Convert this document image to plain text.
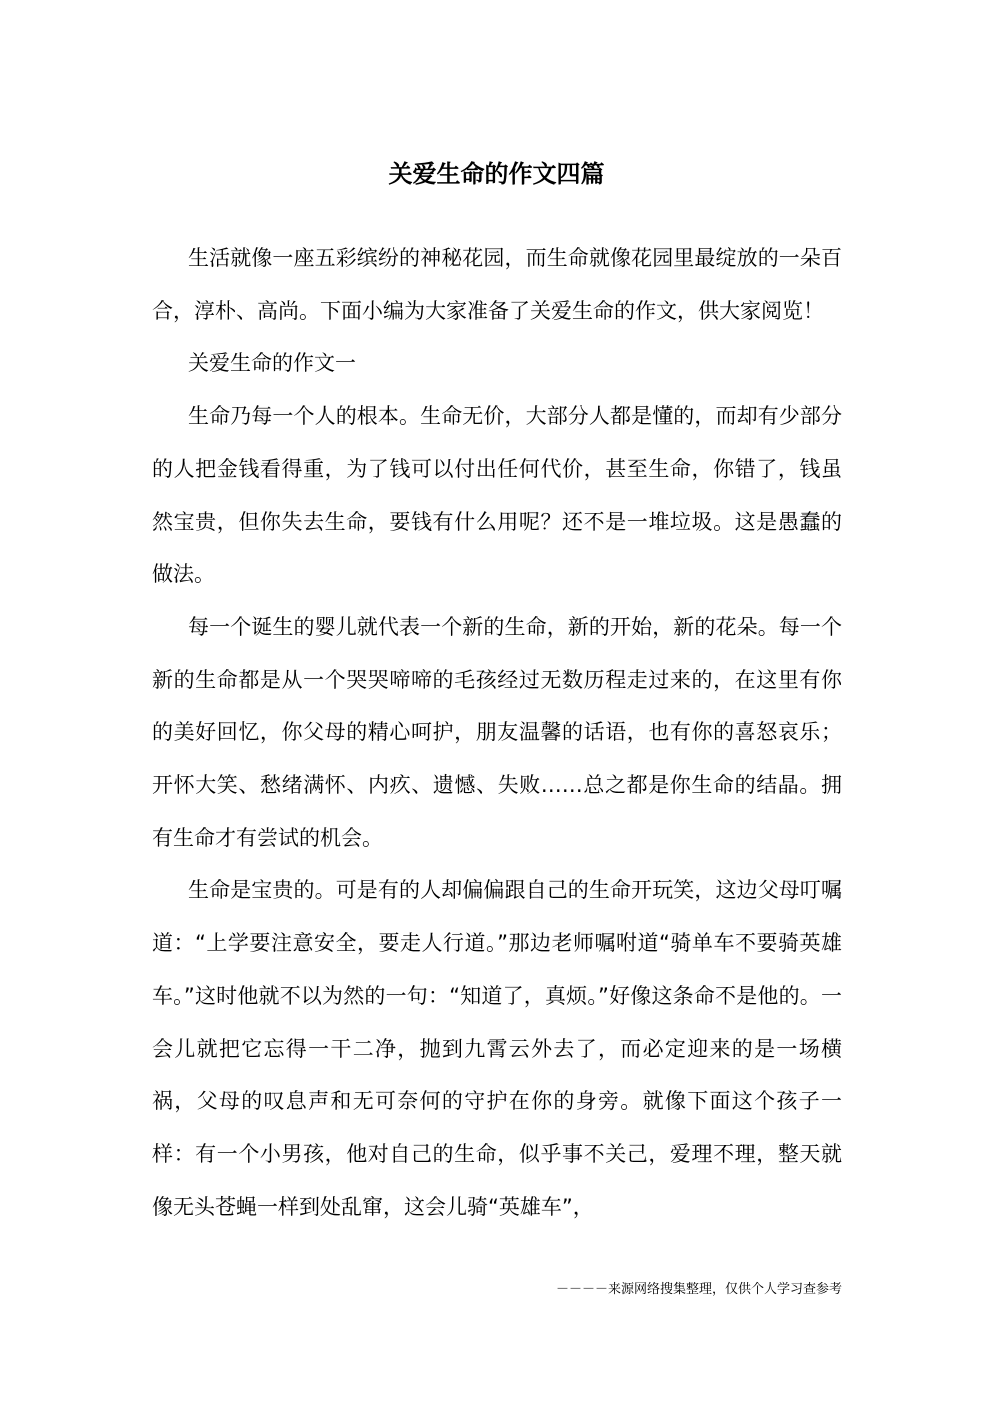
关爱生命的作文四篇

生活就像一座五彩缤纷的神秘花园，而生命就像花园里最绽放的一朵百合，淳朴、高尚。下面小编为大家准备了关爱生命的作文，供大家阅览！

关爱生命的作文一

生命乃每一个人的根本。生命无价，大部分人都是懂的，而却有少部分的人把金钱看得重，为了钱可以付出任何代价，甚至生命，你错了，钱虽然宝贵，但你失去生命，要钱有什么用呢？还不是一堆垃圾。这是愚蠢的做法。

每一个诞生的婴儿就代表一个新的生命，新的开始，新的花朵。每一个新的生命都是从一个哭哭啼啼的毛孩经过无数历程走过来的，在这里有你的美好回忆，你父母的精心呵护，朋友温馨的话语，也有你的喜怒哀乐；开怀大笑、愁绪满怀、内疚、遗憾、失败……总之都是你生命的结晶。拥有生命才有尝试的机会。

生命是宝贵的。可是有的人却偏偏跟自己的生命开玩笑，这边父母叮嘱道：“上学要注意安全，要走人行道。”那边老师嘱咐道“骑单车不要骑英雄车。”这时他就不以为然的一句：“知道了，真烦。”好像这条命不是他的。一会儿就把它忘得一干二净，抛到九霄云外去了，而必定迎来的是一场横祸，父母的叹息声和无可奈何的守护在你的身旁。就像下面这个孩子一样：有一个小男孩，他对自己的生命，似乎事不关己，爱理不理，整天就像无头苍蝇一样到处乱窜，这会儿骑“英雄车”，

－－－－来源网络搜集整理，仅供个人学习查参考
